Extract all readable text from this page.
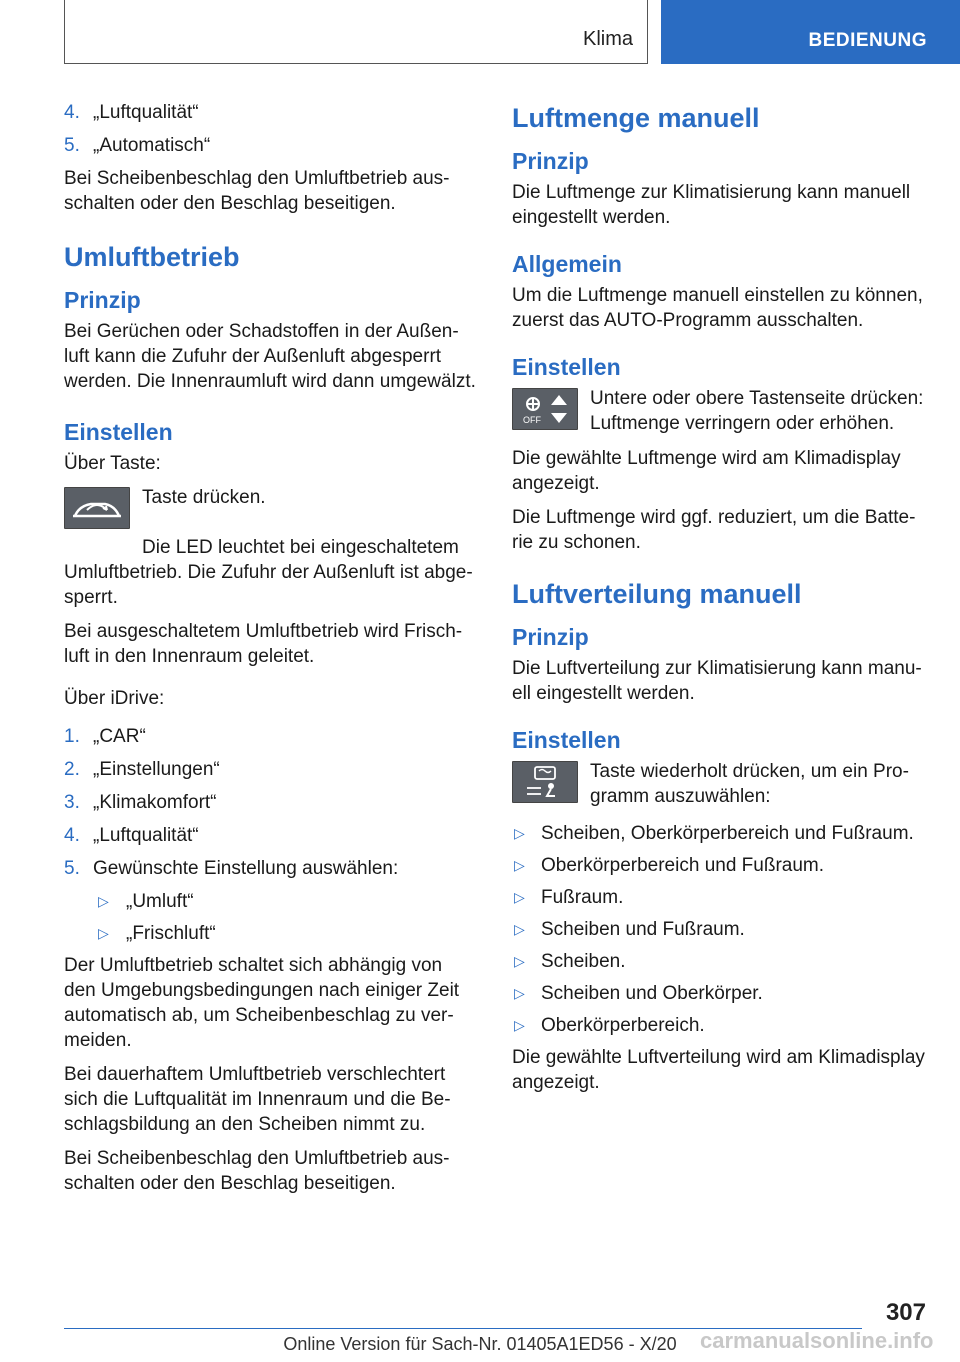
Klima	BEDIENUNG
4. „Luftqualität“
5. „Automatisch“

Bei Scheibenbeschlag den Umluftbetrieb aus-schalten oder den Beschlag beseitigen.

Umluftbetrieb
Prinzip

Bei Gerüchen oder Schadstoffen in der Außen-luft kann die Zufuhr der Außenluft abgesperrt werden. Die Innenraumluft wird dann umgewälzt.

Einstellen

Über Taste:

Taste drücken.

Die LED leuchtet bei eingeschaltetem Umluftbetrieb. Die Zufuhr der Außenluft ist abge-sperrt.

Bei ausgeschaltetem Umluftbetrieb wird Frisch-luft in den Innenraum geleitet.

Über iDrive:

1. „CAR“
2. „Einstellungen“
3. „Klimakomfort“
4. „Luftqualität“
5. Gewünschte Einstellung auswählen:
▷ „Umluft“
▷ „Frischluft“

Der Umluftbetrieb schaltet sich abhängig von den Umgebungsbedingungen nach einiger Zeit automatisch ab, um Scheibenbeschlag zu ver-meiden.

Bei dauerhaftem Umluftbetrieb verschlechtert sich die Luftqualität im Innenraum und die Be-schlagsbildung an den Scheiben nimmt zu.

Bei Scheibenbeschlag den Umluftbetrieb aus-schalten oder den Beschlag beseitigen.

Luftmenge manuell
Prinzip

Die Luftmenge zur Klimatisierung kann manuell eingestellt werden.

Allgemein

Um die Luftmenge manuell einstellen zu können, zuerst das AUTO-Programm ausschalten.

Einstellen
OFF

Untere oder obere Tastenseite drücken: Luftmenge verringern oder erhöhen.

Die gewählte Luftmenge wird am Klimadisplay angezeigt.

Die Luftmenge wird ggf. reduziert, um die Batte-rie zu schonen.

Luftverteilung manuell
Prinzip

Die Luftverteilung zur Klimatisierung kann manu-ell eingestellt werden.

Einstellen

Taste wiederholt drücken, um ein Pro-gramm auszuwählen:

▷ Scheiben, Oberkörperbereich und Fußraum.
▷ Oberkörperbereich und Fußraum.
▷ Fußraum.
▷ Scheiben und Fußraum.
▷ Scheiben.
▷ Scheiben und Oberkörper.
▷ Oberkörperbereich.

Die gewählte Luftverteilung wird am Klimadisplay angezeigt.

307
carmanualsonline.info
Online Version für Sach-Nr. 01405A1ED56 - X/20
